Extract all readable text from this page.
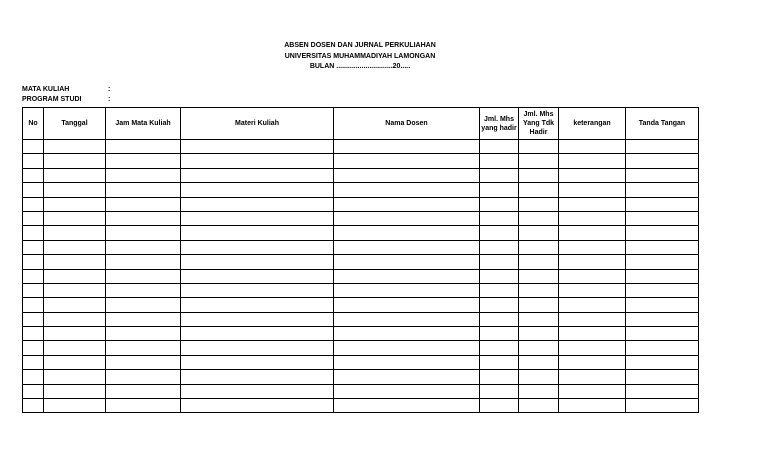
ABSEN DOSEN DAN JURNAL PERKULIAHAN
UNIVERSITAS MUHAMMADIYAH LAMONGAN
BULAN .............................20.....
MATA KULIAH	:
PROGRAM STUDI	:
No	Tanggal	Jam Mata Kuliah	Materi Kuliah	Nama Dosen	Jml. Mhs yang hadir	Jml. Mhs Yang Tdk Hadir	keterangan	Tanda Tangan
